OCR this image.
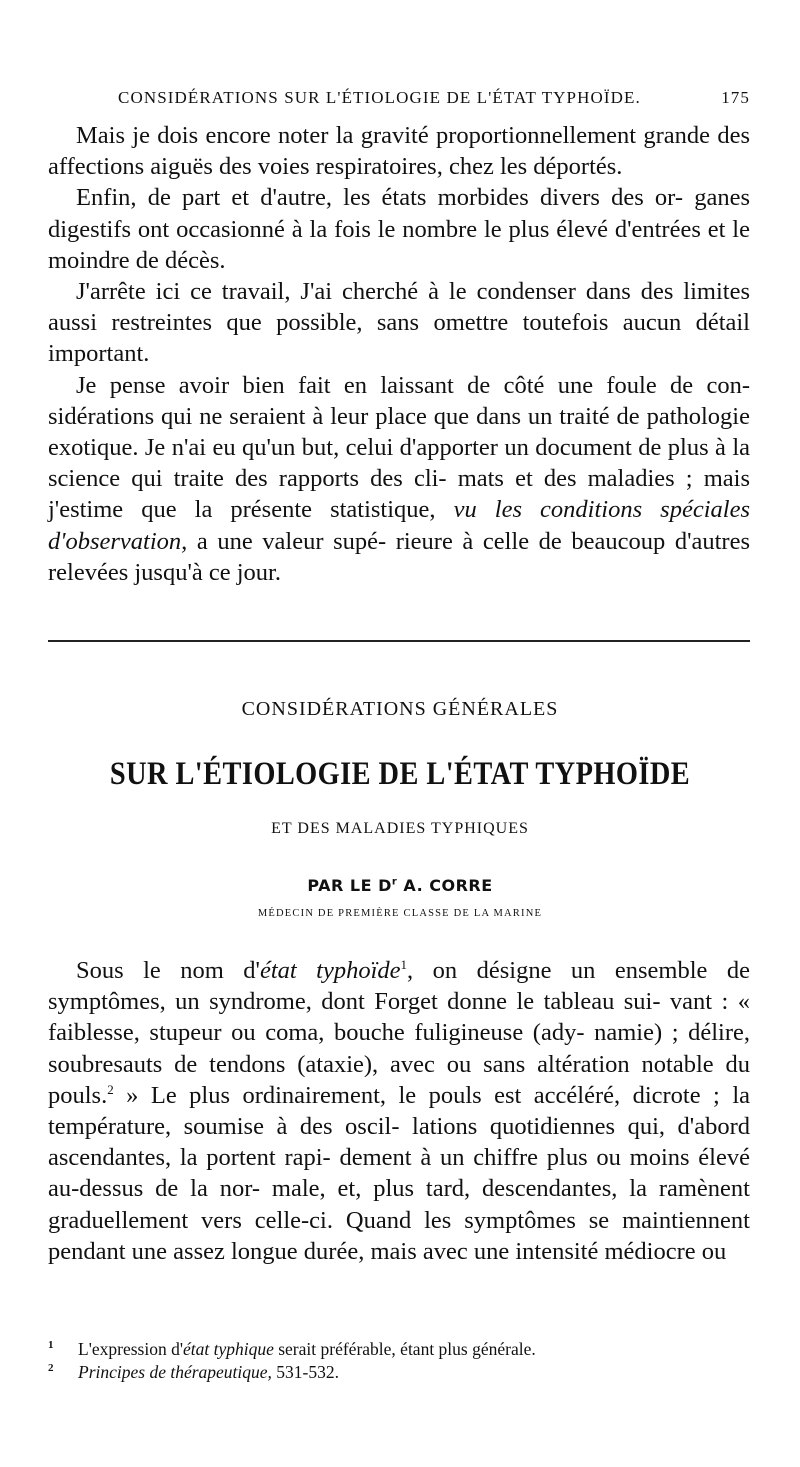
CONSIDÉRATIONS SUR L'ÉTIOLOGIE DE L'ÉTAT TYPHOÏDE.	175

Mais je dois encore noter la gravité proportionnellement grande des affections aiguës des voies respiratoires, chez les déportés.

Enfin, de part et d'autre, les états morbides divers des or- ganes digestifs ont occasionné à la fois le nombre le plus élevé d'entrées et le moindre de décès.

J'arrête ici ce travail, J'ai cherché à le condenser dans des limites aussi restreintes que possible, sans omettre toutefois aucun détail important.

Je pense avoir bien fait en laissant de côté une foule de con- sidérations qui ne seraient à leur place que dans un traité de pathologie exotique. Je n'ai eu qu'un but, celui d'apporter un document de plus à la science qui traite des rapports des cli- mats et des maladies ; mais j'estime que la présente statistique, vu les conditions spéciales d'observation, a une valeur supé- rieure à celle de beaucoup d'autres relevées jusqu'à ce jour.

CONSIDÉRATIONS GÉNÉRALES
SUR L'ÉTIOLOGIE DE L'ÉTAT TYPHOÏDE
ET DES MALADIES TYPHIQUES
PAR LE $D^r$ A. CORRE
MÉDECIN DE PREMIÈRE CLASSE DE LA MARINE

Sous le nom d'état typhoïde$^1$, on désigne un ensemble de symptômes, un syndrome, dont Forget donne le tableau sui- vant : « faiblesse, stupeur ou coma, bouche fuligineuse (ady- namie) ; délire, soubresauts de tendons (ataxie), avec ou sans altération notable du pouls.$^2$ » Le plus ordinairement, le pouls est accéléré, dicrote ; la température, soumise à des oscil- lations quotidiennes qui, d'abord ascendantes, la portent rapi- dement à un chiffre plus ou moins élevé au-dessus de la nor- male, et, plus tard, descendantes, la ramènent graduellement vers celle-ci. Quand les symptômes se maintiennent pendant une assez longue durée, mais avec une intensité médiocre ou

1 L'expression d'état typhique serait préférable, étant plus générale.

2 Principes de thérapeutique, 531-532.
